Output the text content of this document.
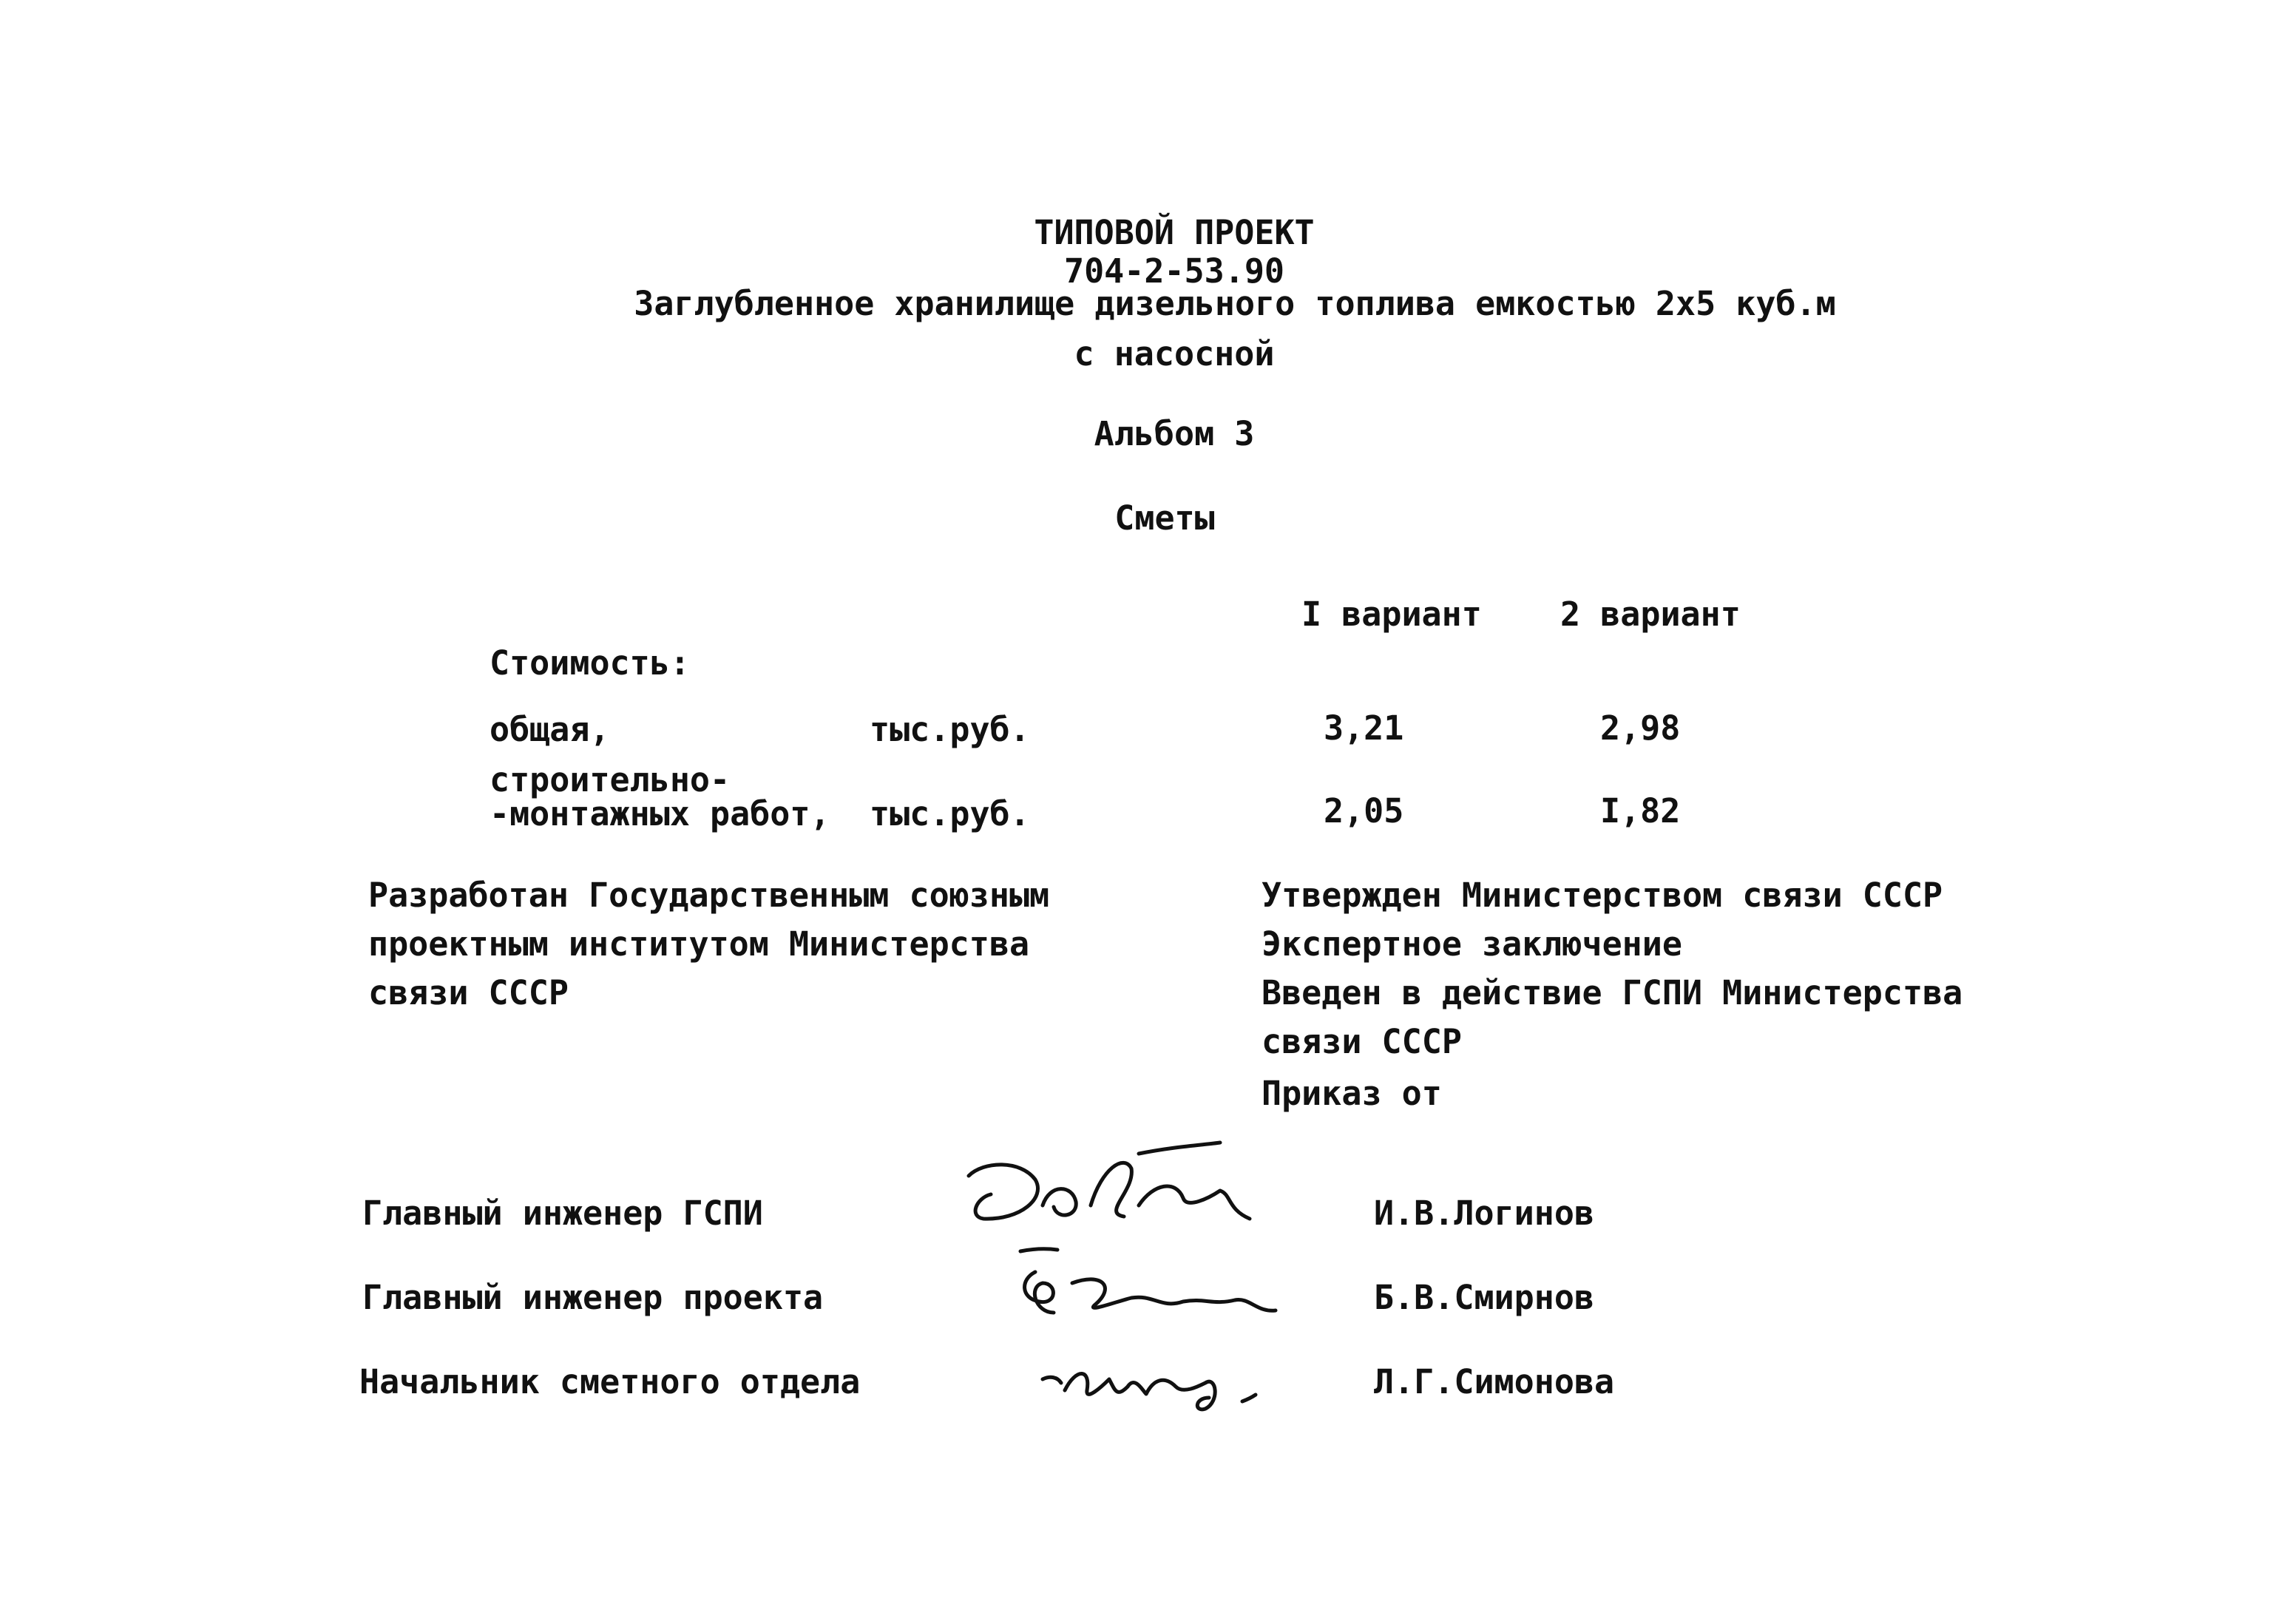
ТИПОВОЙ ПРОЕКТ
704-2-53.90
Заглубленное хранилище дизельного топлива емкостью 2х5 куб.м
с насосной
Альбом 3
Сметы
I вариант 2 вариант
Стоимость:
общая,	тыс.руб.	3,21	2,98
строительно-
-монтажных работ, тыс.руб.	2,05	I,82
Разработан Государственным союзным
проектным институтом Министерства
связи СССР
Утвержден Министерством связи СССР
Экспертное заключение
Введен в действие ГСПИ Министерства
связи СССР
Приказ от
Главный инженер ГСПИ	И.В.Логинов
Главный инженер проекта	Б.В.Смирнов
Начальник сметного отдела	Л.Г.Симонова
